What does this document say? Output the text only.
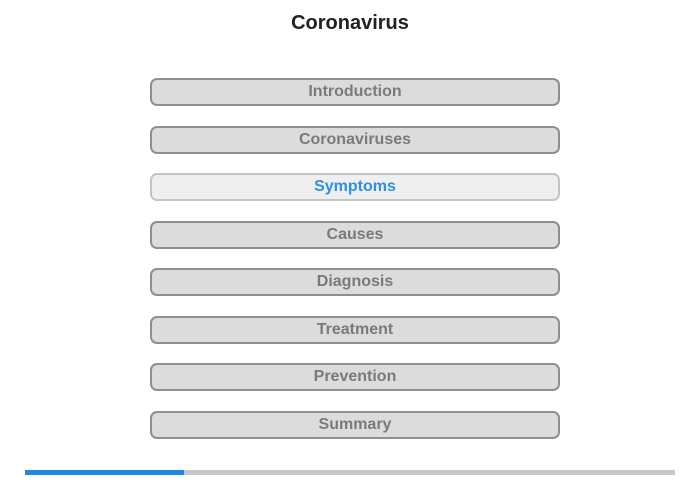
Coronavirus
Introduction
Coronaviruses
Symptoms
Causes
Diagnosis
Treatment
Prevention
Summary
